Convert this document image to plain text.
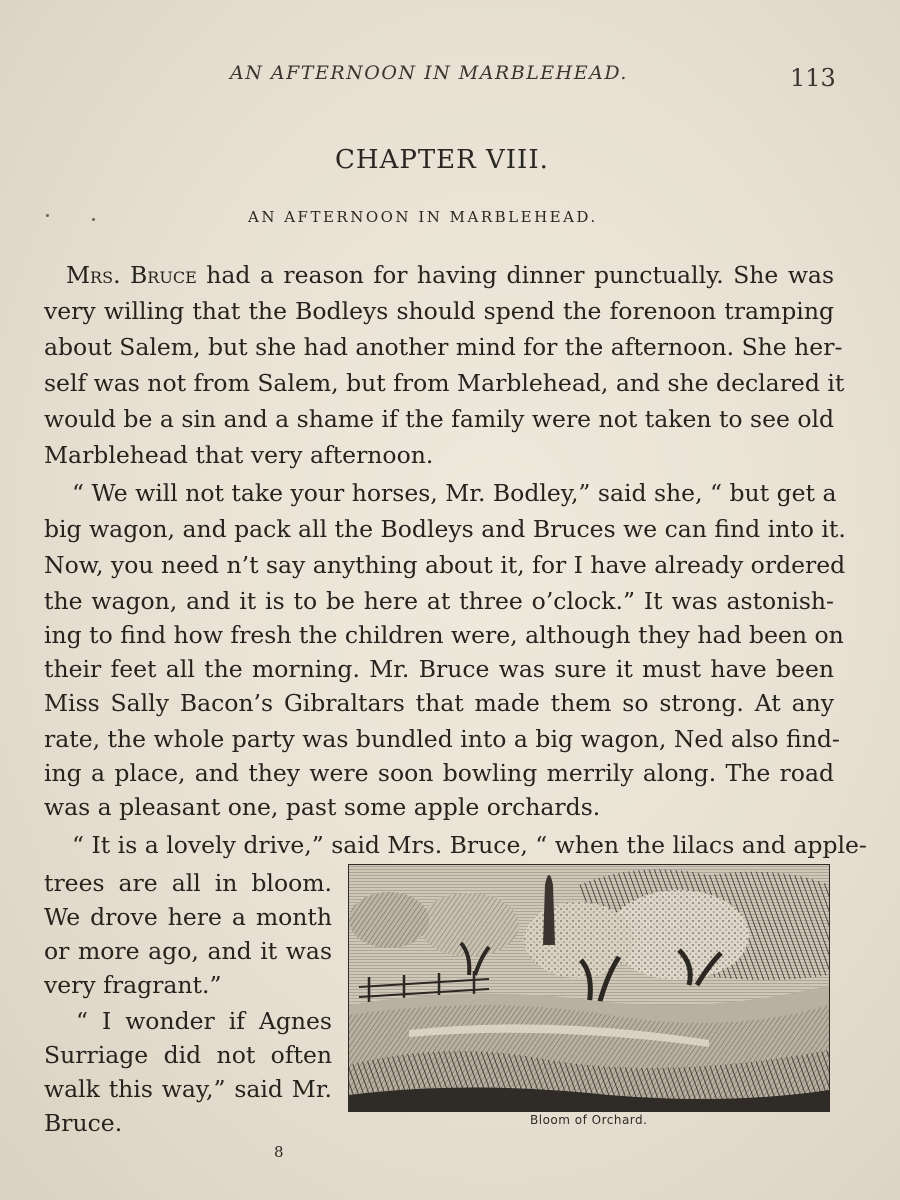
AN AFTERNOON IN MARBLEHEAD.	113
CHAPTER VIII.
AN AFTERNOON IN MARBLEHEAD.
Mrs. Bruce had a reason for having dinner punctually. She was
very willing that the Bodleys should spend the forenoon tramping
about Salem, but she had another mind for the afternoon. She her-
self was not from Salem, but from Marblehead, and she declared it
would be a sin and a shame if the family were not taken to see old
Marblehead that very afternoon.
“ We will not take your horses, Mr. Bodley,” said she, “ but get a
big wagon, and pack all the Bodleys and Bruces we can find into it.
Now, you need n’t say anything about it, for I have already ordered
the wagon, and it is to be here at three o’clock.” It was astonish-
ing to find how fresh the children were, although they had been on
their feet all the morning. Mr. Bruce was sure it must have been
Miss Sally Bacon’s Gibraltars that made them so strong. At any
rate, the whole party was bundled into a big wagon, Ned also find-
ing a place, and they were soon bowling merrily along. The road
was a pleasant one, past some apple orchards.
“ It is a lovely drive,” said Mrs. Bruce, “ when the lilacs and apple-
trees are all in bloom.
We drove here a month
or more ago, and it was
very fragrant.”
“ I wonder if Agnes
Surriage did not often
walk this way,” said Mr.
Bruce.	Bloom of Orchard.
8
